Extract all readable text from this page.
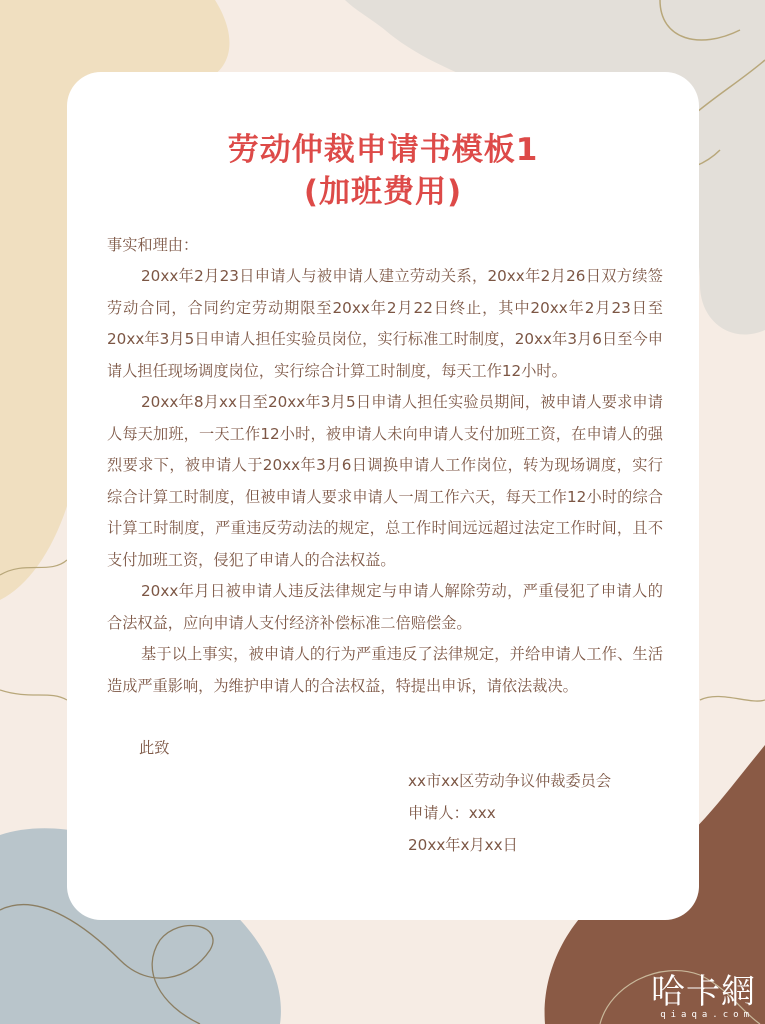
劳动仲裁申请书模板1
(加班费用)
事实和理由：
20xx年2月23日申请人与被申请人建立劳动关系，20xx年2月26日双方续签劳动合同，合同约定劳动期限至20xx年2月22日终止，其中20xx年2月23日至20xx年3月5日申请人担任实验员岗位，实行标准工时制度，20xx年3月6日至今申请人担任现场调度岗位，实行综合计算工时制度，每天工作12小时。
20xx年8月xx日至20xx年3月5日申请人担任实验员期间，被申请人要求申请人每天加班，一天工作12小时，被申请人未向申请人支付加班工资，在申请人的强烈要求下，被申请人于20xx年3月6日调换申请人工作岗位，转为现场调度，实行综合计算工时制度，但被申请人要求申请人一周工作六天，每天工作12小时的综合计算工时制度，严重违反劳动法的规定，总工作时间远远超过法定工作时间，且不支付加班工资，侵犯了申请人的合法权益。
20xx年月日被申请人违反法律规定与申请人解除劳动，严重侵犯了申请人的合法权益，应向申请人支付经济补偿标准二倍赔偿金。
基于以上事实，被申请人的行为严重违反了法律规定，并给申请人工作、生活造成严重影响，为维护申请人的合法权益，特提出申诉，请依法裁决。
此致
xx市xx区劳动争议仲裁委员会
申请人：xxx
20xx年x月xx日
哈卡網
qiaqa.com
